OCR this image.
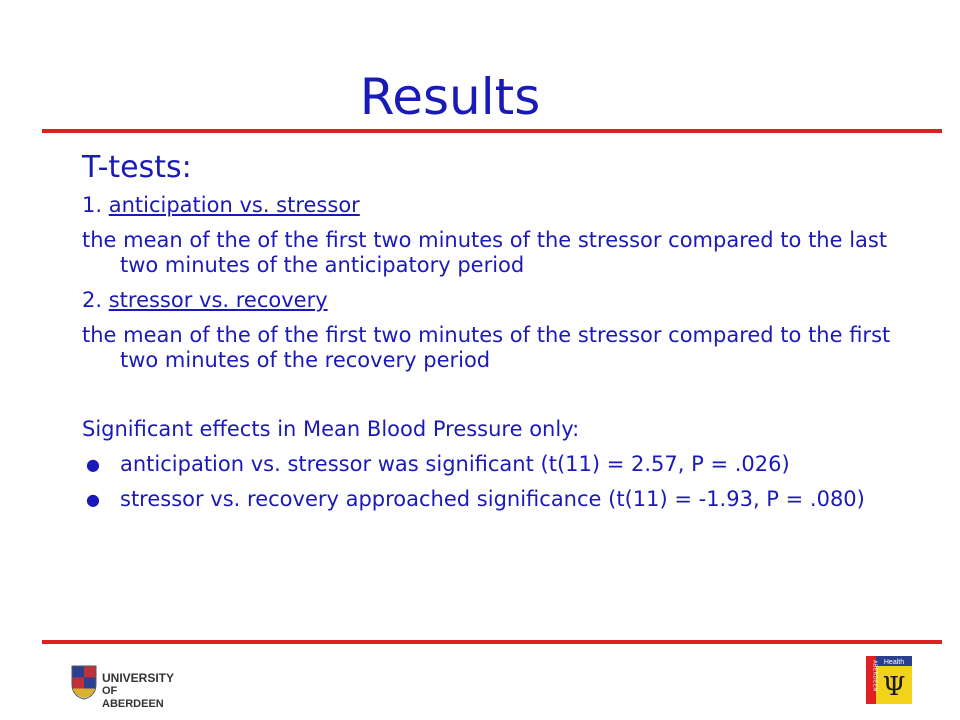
Results
T-tests:
1. anticipation vs. stressor
the mean of the of the first two minutes of the stressor compared to the last two minutes of the anticipatory period
2. stressor vs. recovery
the mean of the of the first two minutes of the stressor compared to the first two minutes of the recovery period
Significant effects in Mean Blood Pressure only:
● anticipation vs. stressor was significant (t(11) = 2.57, P = .026)
● stressor vs. recovery approached significance (t(11) = -1.93, P = .080)
UNIVERSITY
OF ABERDEEN
Health
Ψ
ABERDEEN
